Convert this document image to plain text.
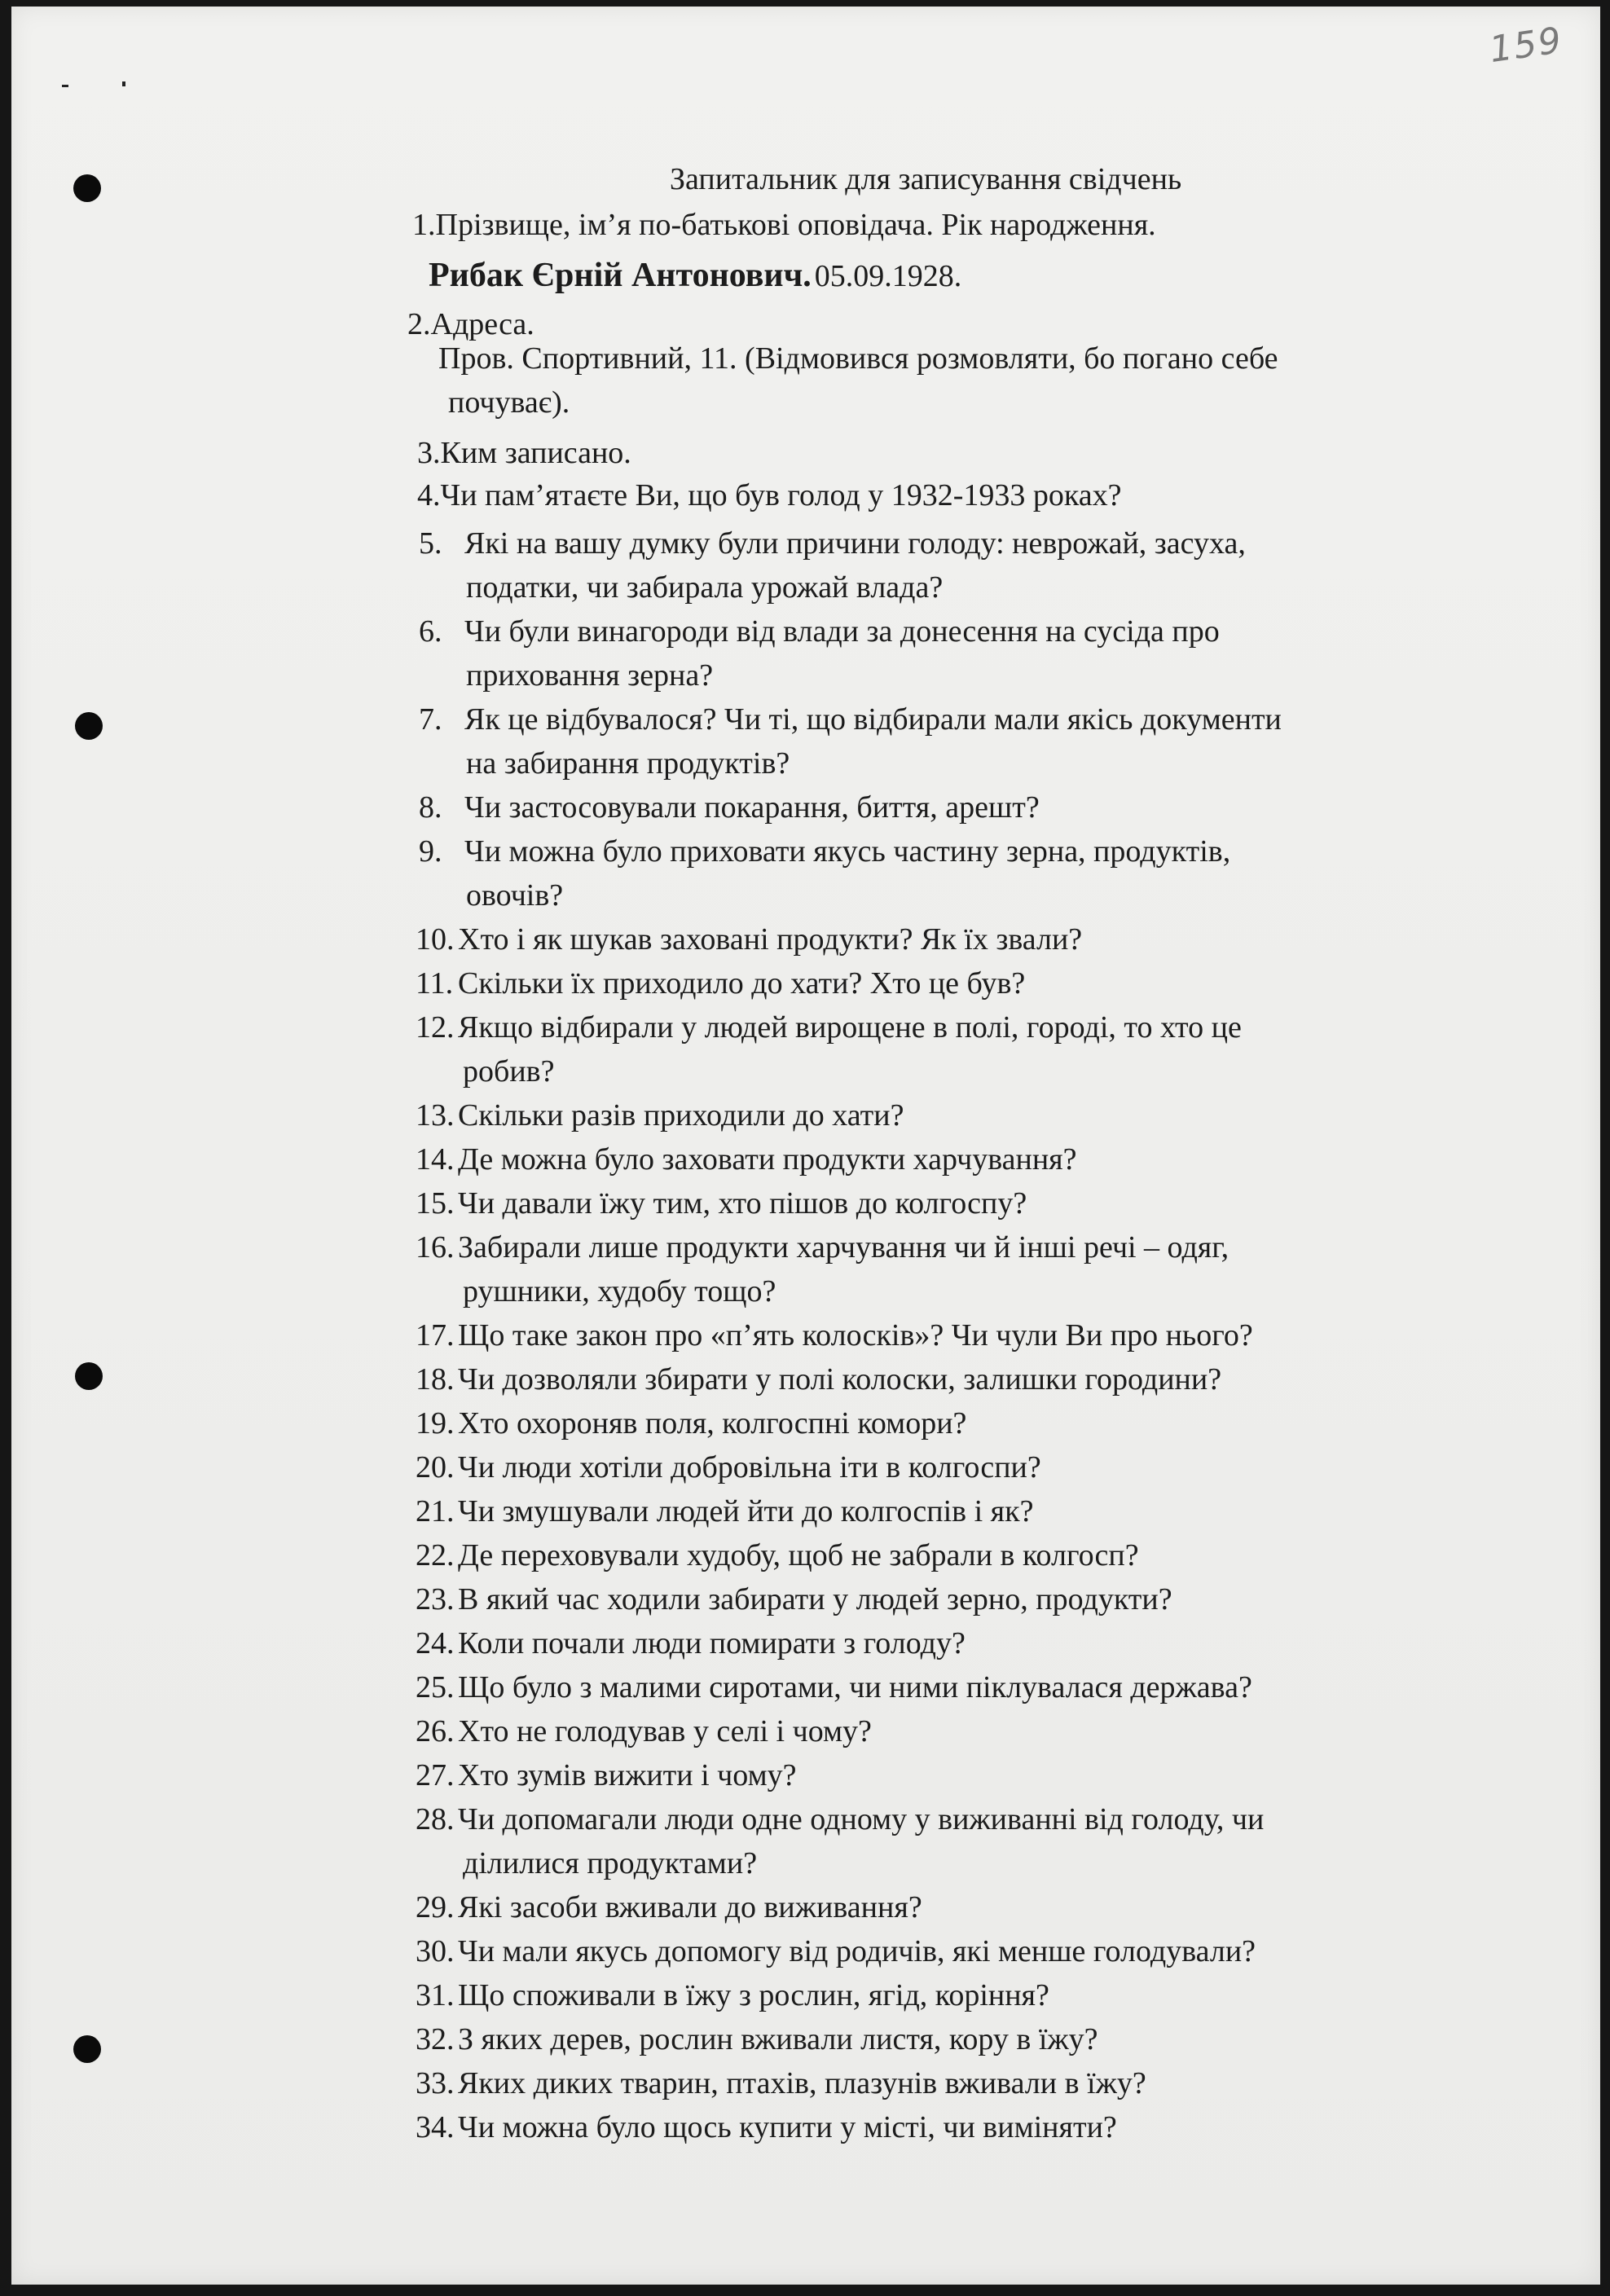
159
Запитальник для записування свідчень
1.Прізвище, ім’я по-батькові оповідача. Рік народження.
Рибак Єрній Антонович. 05.09.1928.
2.Адреса.
Пров. Спортивний, 11. (Відмовився розмовляти, бо погано себе
почуває).
3.Ким записано.
4.Чи пам’ятаєте Ви, що був голод у 1932-1933 роках?
5. Які на вашу думку були причини голоду: неврожай, засуха,
податки, чи забирала урожай влада?
6. Чи були винагороди від влади за донесення на сусіда про
приховання зерна?
7. Як це відбувалося? Чи ті, що відбирали мали якісь документи
на забирання продуктів?
8. Чи застосовували покарання, биття, арешт?
9. Чи можна було приховати якусь частину зерна, продуктів,
овочів?
10. Хто і як шукав заховані продукти? Як їх звали?
11. Скільки їх приходило до хати? Хто це був?
12. Якщо відбирали у людей вирощене в полі, городі, то хто це
робив?
13. Скільки разів приходили до хати?
14. Де можна було заховати продукти харчування?
15. Чи давали їжу тим, хто пішов до колгоспу?
16. Забирали лише продукти харчування чи й інші речі – одяг,
рушники, худобу тощо?
17. Що таке закон про «п’ять колосків»? Чи чули Ви про нього?
18. Чи дозволяли збирати у полі колоски, залишки городини?
19. Хто охороняв поля, колгоспні комори?
20. Чи люди хотіли добровільна іти в колгоспи?
21. Чи змушували людей йти до колгоспів і як?
22. Де переховували худобу, щоб не забрали в колгосп?
23. В який час ходили забирати у людей зерно, продукти?
24. Коли почали люди помирати з голоду?
25. Що було з малими сиротами, чи ними піклувалася держава?
26. Хто не голодував у селі і чому?
27. Хто зумів вижити і чому?
28. Чи допомагали люди одне одному у виживанні від голоду, чи
ділилися продуктами?
29. Які засоби вживали до виживання?
30. Чи мали якусь допомогу від родичів, які менше голодували?
31. Що споживали в їжу з рослин, ягід, коріння?
32. З яких дерев, рослин вживали листя, кору в їжу?
33. Яких диких тварин, птахів, плазунів вживали в їжу?
34. Чи можна було щось купити у місті, чи виміняти?
